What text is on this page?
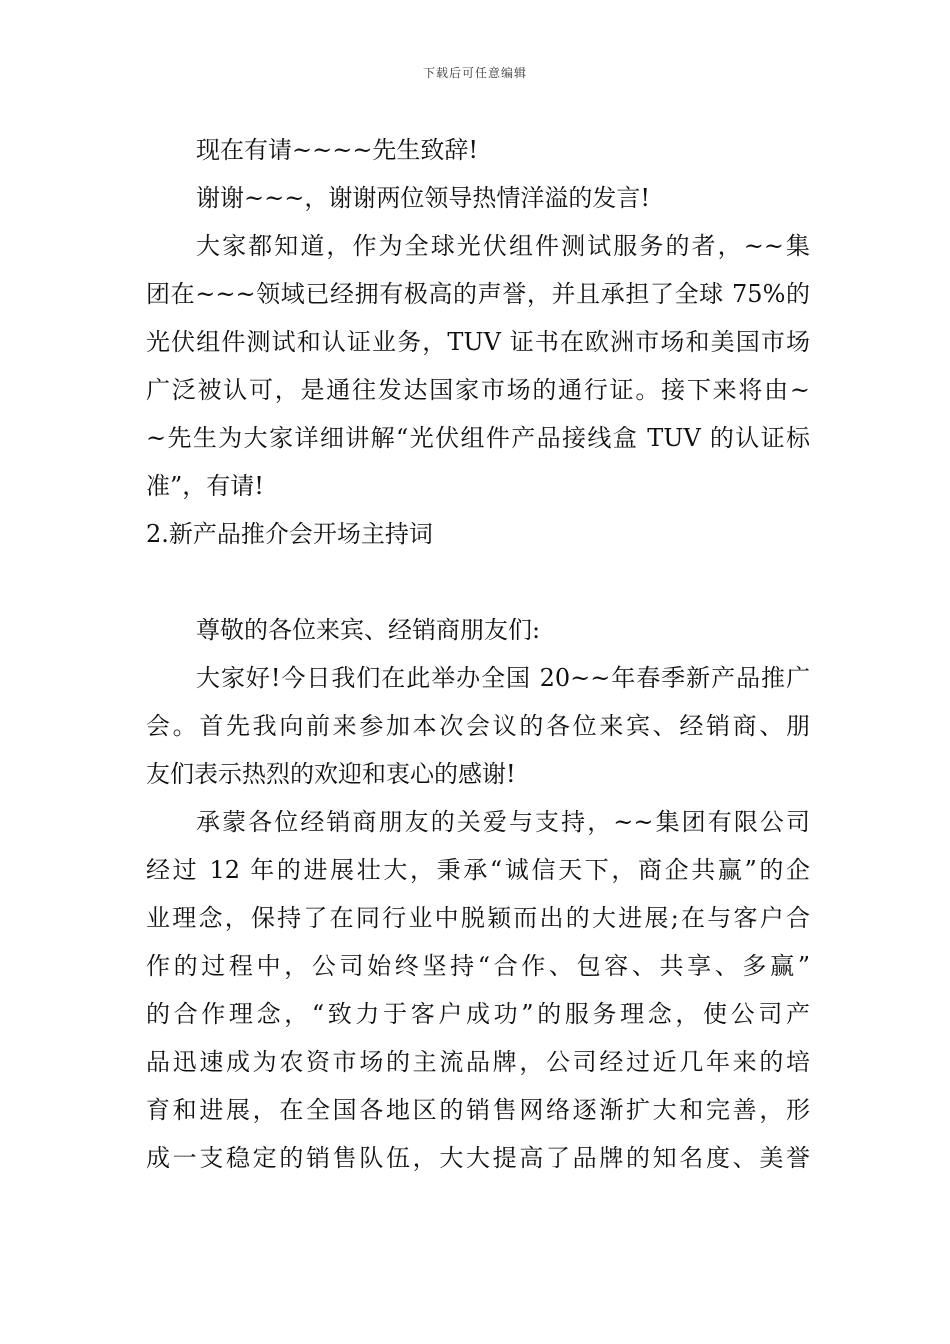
下载后可任意编辑
现在有请~~~~先生致辞!
谢谢~~~，谢谢两位领导热情洋溢的发言!
大家都知道，作为全球光伏组件测试服务的者，~~集
团在~~~领域已经拥有极高的声誉，并且承担了全球 75%的
光伏组件测试和认证业务，TUV 证书在欧洲市场和美国市场
广泛被认可，是通往发达国家市场的通行证。接下来将由~
~先生为大家详细讲解“光伏组件产品接线盒 TUV 的认证标
准”，有请!
2.新产品推介会开场主持词
尊敬的各位来宾、经销商朋友们:
大家好!今日我们在此举办全国 20~~年春季新产品推广
会。首先我向前来参加本次会议的各位来宾、经销商、朋
友们表示热烈的欢迎和衷心的感谢!
承蒙各位经销商朋友的关爱与支持，~~集团有限公司
经过 12 年的进展壮大，秉承“诚信天下，商企共赢”的企
业理念，保持了在同行业中脱颖而出的大进展;在与客户合
作的过程中，公司始终坚持“合作、包容、共享、多赢”
的合作理念，“致力于客户成功”的服务理念，使公司产
品迅速成为农资市场的主流品牌，公司经过近几年来的培
育和进展，在全国各地区的销售网络逐渐扩大和完善，形
成一支稳定的销售队伍，大大提高了品牌的知名度、美誉
